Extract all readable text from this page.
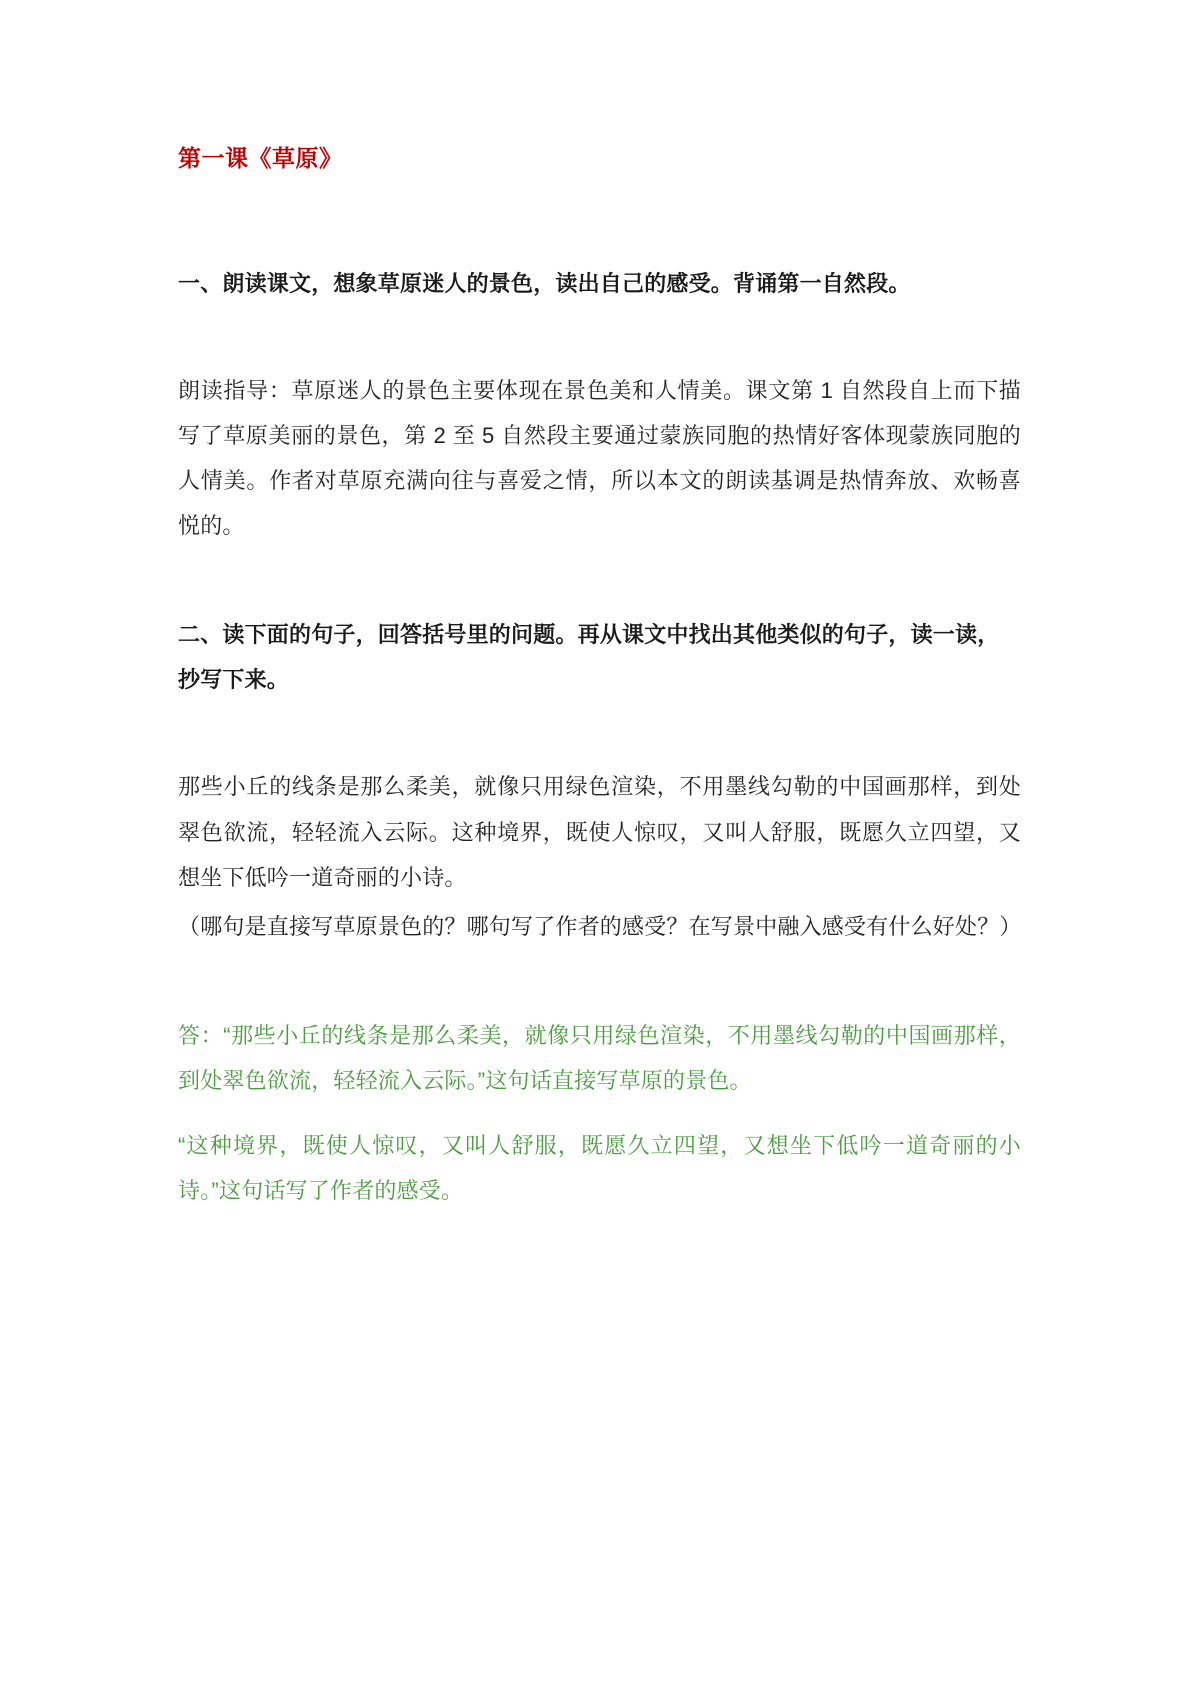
第一课《草原》

一、朗读课文，想象草原迷人的景色，读出自己的感受。背诵第一自然段。

朗读指导：草原迷人的景色主要体现在景色美和人情美。课文第 1 自然段自上而下描写了草原美丽的景色，第 2 至 5 自然段主要通过蒙族同胞的热情好客体现蒙族同胞的人情美。作者对草原充满向往与喜爱之情，所以本文的朗读基调是热情奔放、欢畅喜悦的。

二、读下面的句子，回答括号里的问题。再从课文中找出其他类似的句子，读一读，抄写下来。

那些小丘的线条是那么柔美，就像只用绿色渲染，不用墨线勾勒的中国画那样，到处翠色欲流，轻轻流入云际。这种境界，既使人惊叹，又叫人舒服，既愿久立四望，又想坐下低吟一道奇丽的小诗。

（哪句是直接写草原景色的？哪句写了作者的感受？在写景中融入感受有什么好处？）

答：“那些小丘的线条是那么柔美，就像只用绿色渲染，不用墨线勾勒的中国画那样，到处翠色欲流，轻轻流入云际。”这句话直接写草原的景色。

“这种境界，既使人惊叹，又叫人舒服，既愿久立四望，又想坐下低吟一道奇丽的小诗。”这句话写了作者的感受。
